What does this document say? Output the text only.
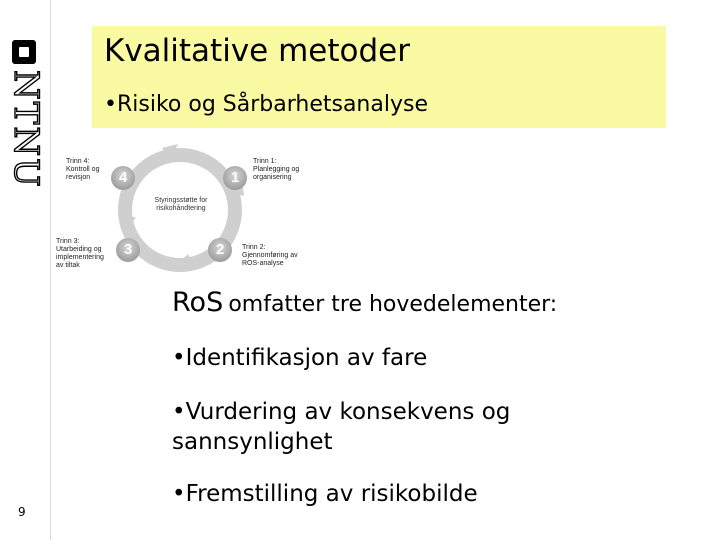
NTNU
9
Kvalitative metoder
•Risiko og Sårbarhetsanalyse
1
2
3
4
Styringsstøtte for
risikohåndtering
Trinn 1:
Planlegging og
organisering
Trinn 2:
Gjennomføring av
ROS-analyse
Trinn 3:
Utarbeiding og
implementering
av tiltak
Trinn 4:
Kontroll og
revisjon
RoS omfatter tre hovedelementer:
•Identifikasjon av fare
•Vurdering av konsekvens og sannsynlighet
•Fremstilling av risikobilde
